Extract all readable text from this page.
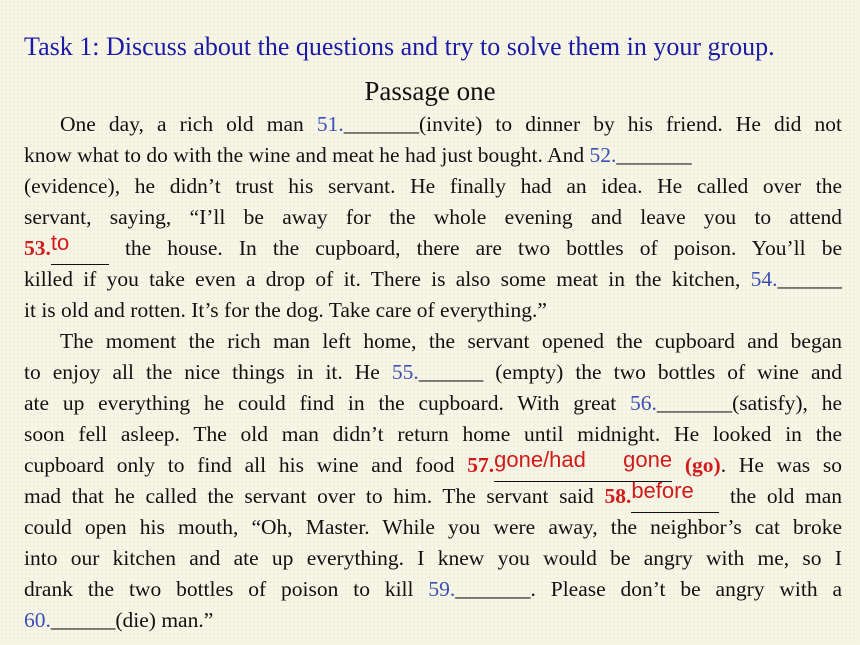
Task 1: Discuss about the questions and try to solve them in your group.
Passage one
One day, a rich old man 51._______(invite) to dinner by his friend. He did not
know what to do with the wine and meat he had just bought. And 52._______
(evidence), he didn’t trust his servant. He finally had an idea. He called over the
servant, saying, “I’ll be away for the whole evening and leave you to attend
53. to	the house. In the cupboard, there are two bottles of poison. You’ll be
killed if you take even a drop of it. There is also some meat in the kitchen, 54.______
it is old and rotten. It’s for the dog. Take care of everything.”
The moment the rich man left home, the servant opened the cupboard and began
to enjoy all the nice things in it. He 55.______ (empty) the two bottles of wine and
ate up everything he could find in the cupboard. With great 56._______(satisfy), he
soon fell asleep. The old man didn’t return home until midnight. He looked in the
cupboard only to find all his wine and food 57. gone/had gone (go). He was so
mad that he called the servant over to him. The servant said 58. before	the old man
could open his mouth, “Oh, Master. While you were away, the neighbor’s cat broke
into our kitchen and ate up everything. I knew you would be angry with me, so I
drank the two bottles of poison to kill 59._______. Please don’t be angry with a
60.______(die) man.”
